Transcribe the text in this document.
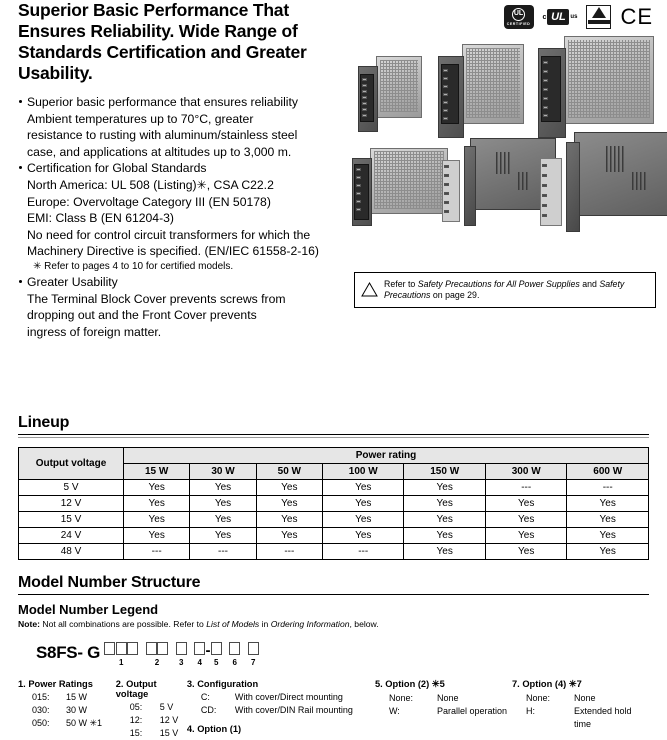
Superior Basic Performance That Ensures Reliability. Wide Range of Standards Certification and Greater Usability.
Superior basic performance that ensures reliability
Ambient temperatures up to 70°C, greater
resistance to rusting with aluminum/stainless steel
case, and applications at altitudes up to 3,000 m.
Certification for Global Standards
North America: UL 508 (Listing)✳, CSA C22.2
Europe: Overvoltage Category III (EN 50178)
EMI: Class B (EN 61204-3)
No need for control circuit transformers for which the
Machinery Directive is specified. (EN/IEC 61558-2-16)
✳ Refer to pages 4 to 10 for certified models.
Greater Usability
The Terminal Block Cover prevents screws from
dropping out and the Front Cover prevents
ingress of foreign matter.
UL
CERTIFIED
c UL us CE
Refer to Safety Precautions for All Power Supplies and Safety Precautions on page 29.
Lineup
Output voltage	Power rating						
	15 W	30 W	50 W	100 W	150 W	300 W	600 W
5 V	Yes	Yes	Yes	Yes	Yes	---	---
12 V	Yes	Yes	Yes	Yes	Yes	Yes	Yes
15 V	Yes	Yes	Yes	Yes	Yes	Yes	Yes
24 V	Yes	Yes	Yes	Yes	Yes	Yes	Yes
48 V	---	---	---	---	Yes	Yes	Yes
Model Number Structure
Model Number Legend
Note: Not all combinations are possible. Refer to List of Models in Ordering Information, below.
S8FS- G
1	2 3 4
-
5 6 7
1. Power Ratings
015:	15 W
030:	30 W
050:	50 W ✳1
2. Output voltage
05:	5 V
12:	12 V
15:	15 V
3. Configuration
C:	With cover/Direct mounting
CD:	With cover/DIN Rail mounting
4. Option (1)
5. Option (2) ✳5
None:	None
W:	Parallel operation
7. Option (4) ✳7
None:	None
H:	Extended hold time
